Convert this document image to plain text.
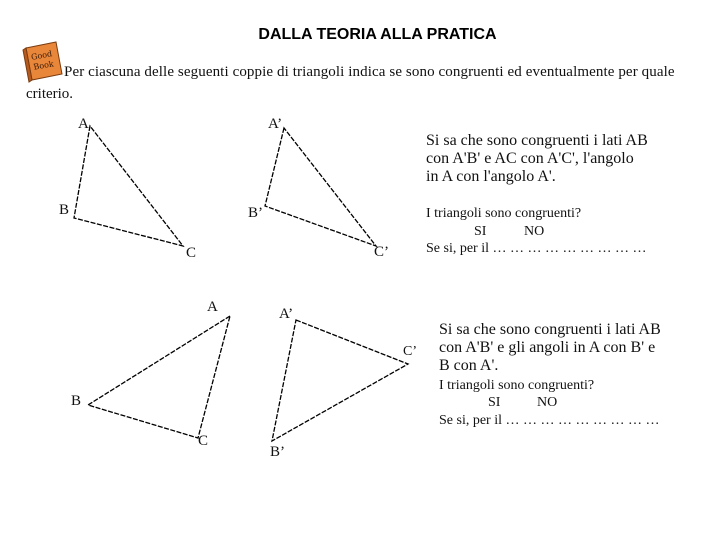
DALLA TEORIA ALLA PRATICA
Good
Book Per ciascuna delle seguenti coppie di triangoli indica se sono congruenti ed eventualmente per quale
criterio.
A
B
C
A’
B’
C’
Si sa che sono congruenti i lati AB
con A'B' e AC con A'C', l'angolo
in A con l'angolo A'.
I triangoli sono congruenti?
SI	NO
Se si, per il … … … … … … … … …
A
B
C
A’
B’
C’
Si sa che sono congruenti i lati AB
con A'B' e gli angoli in A con B' e
B con A'.
I triangoli sono congruenti?
SI	NO
Se si, per il … … … … … … … … …
